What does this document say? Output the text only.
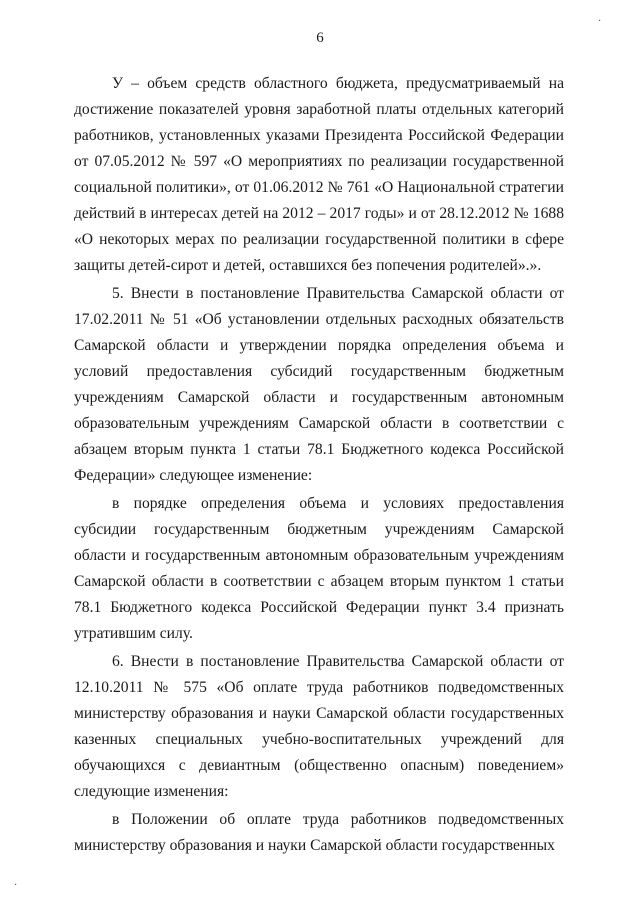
6

У – объем средств областного бюджета, предусматриваемый на достижение показателей уровня заработной платы отдельных категорий работников, установленных указами Президента Российской Федерации от 07.05.2012 № 597 «О мероприятиях по реализации государственной социальной политики», от 01.06.2012 № 761 «О Национальной стратегии действий в интересах детей на 2012 – 2017 годы» и от 28.12.2012 № 1688 «О некоторых мерах по реализации государственной политики в сфере защиты детей-сирот и детей, оставшихся без попечения родителей».».

5. Внести в постановление Правительства Самарской области от 17.02.2011 № 51 «Об установлении отдельных расходных обязательств Самарской области и утверждении порядка определения объема и условий предоставления субсидий государственным бюджетным учреждениям Самарской области и государственным автономным образовательным учреждениям Самарской области в соответствии с абзацем вторым пункта 1 статьи 78.1 Бюджетного кодекса Российской Федерации» следующее изменение:

в порядке определения объема и условиях предоставления субсидии государственным бюджетным учреждениям Самарской области и государственным автономным образовательным учреждениям Самарской области в соответствии с абзацем вторым пунктом 1 статьи 78.1 Бюджетного кодекса Российской Федерации пункт 3.4 признать утратившим силу.

6. Внести в постановление Правительства Самарской области от 12.10.2011 № 575 «Об оплате труда работников подведомственных министерству образования и науки Самарской области государственных казенных специальных учебно-воспитательных учреждений для обучающихся с девиантным (общественно опасным) поведением» следующие изменения:

в Положении об оплате труда работников подведомственных министерству образования и науки Самарской области государственных

·
·
